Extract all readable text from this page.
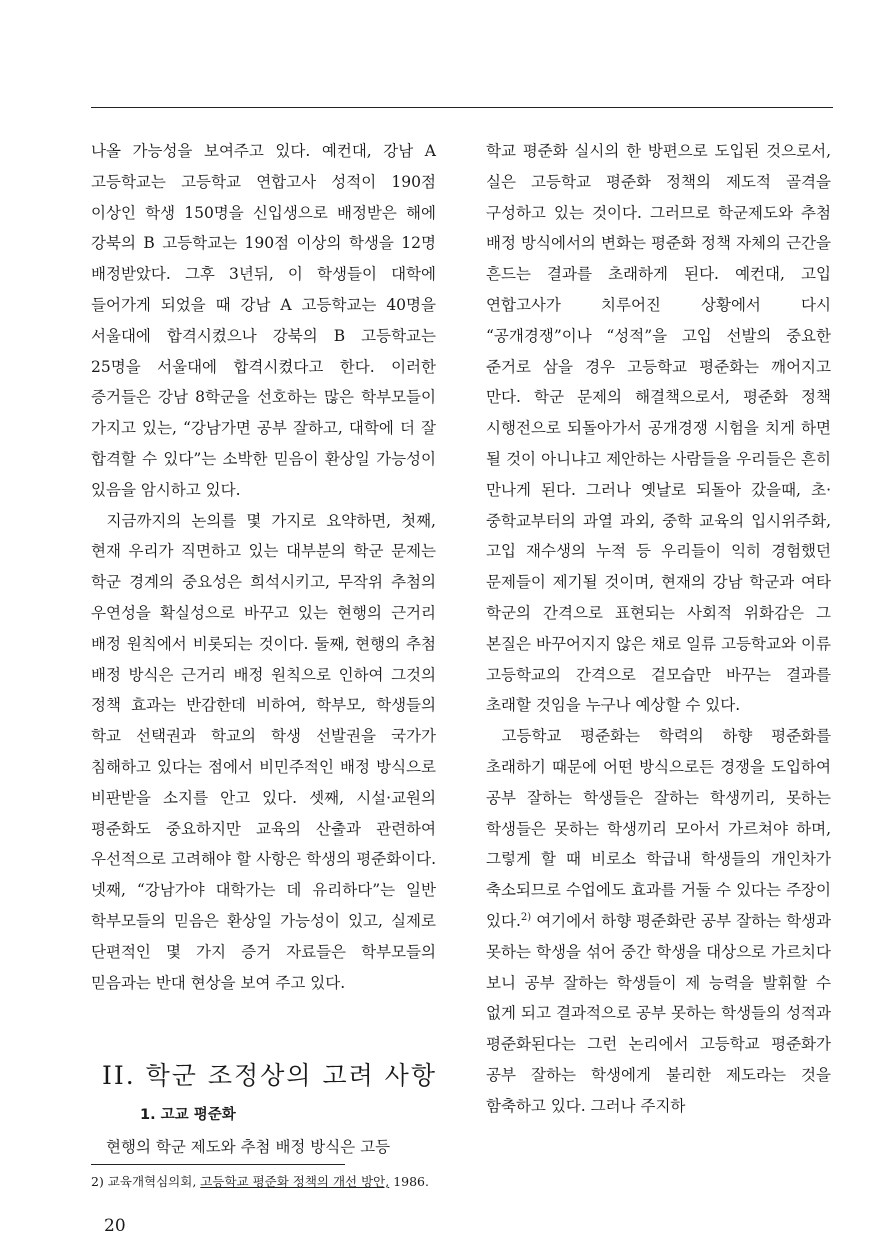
나올 가능성을 보여주고 있다. 예컨대, 강남 A 고등학교는 고등학교 연합고사 성적이 190점 이상인 학생 150명을 신입생으로 배정받은 해에 강북의 B 고등학교는 190점 이상의 학생을 12명 배정받았다. 그후 3년뒤, 이 학생들이 대학에 들어가게 되었을 때 강남 A 고등학교는 40명을 서울대에 합격시켰으나 강북의 B 고등학교는 25명을 서울대에 합격시켰다고 한다. 이러한 증거들은 강남 8학군을 선호하는 많은 학부모들이 가지고 있는, “강남가면 공부 잘하고, 대학에 더 잘 합격할 수 있다”는 소박한 믿음이 환상일 가능성이 있음을 암시하고 있다.

지금까지의 논의를 몇 가지로 요약하면, 첫째, 현재 우리가 직면하고 있는 대부분의 학군 문제는 학군 경계의 중요성은 희석시키고, 무작위 추첨의 우연성을 확실성으로 바꾸고 있는 현행의 근거리 배정 원칙에서 비롯되는 것이다. 둘째, 현행의 추첨 배정 방식은 근거리 배정 원칙으로 인하여 그것의 정책 효과는 반감한데 비하여, 학부모, 학생들의 학교 선택권과 학교의 학생 선발권을 국가가 침해하고 있다는 점에서 비민주적인 배정 방식으로 비판받을 소지를 안고 있다. 셋째, 시설·교원의 평준화도 중요하지만 교육의 산출과 관련하여 우선적으로 고려해야 할 사항은 학생의 평준화이다. 넷째, “강남가야 대학가는 데 유리하다”는 일반 학부모들의 믿음은 환상일 가능성이 있고, 실제로 단편적인 몇 가지 증거 자료들은 학부모들의 믿음과는 반대 현상을 보여 주고 있다.

II. 학군 조정상의 고려 사항
1. 고교 평준화
현행의 학군 제도와 추첨 배정 방식은 고등

학교 평준화 실시의 한 방편으로 도입된 것으로서, 실은 고등학교 평준화 정책의 제도적 골격을 구성하고 있는 것이다. 그러므로 학군제도와 추첨 배정 방식에서의 변화는 평준화 정책 자체의 근간을 흔드는 결과를 초래하게 된다. 예컨대, 고입 연합고사가 치루어진 상황에서 다시 “공개경쟁”이나 “성적”을 고입 선발의 중요한 준거로 삼을 경우 고등학교 평준화는 깨어지고 만다. 학군 문제의 해결책으로서, 평준화 정책 시행전으로 되돌아가서 공개경쟁 시험을 치게 하면 될 것이 아니냐고 제안하는 사람들을 우리들은 흔히 만나게 된다. 그러나 옛날로 되돌아 갔을때, 초·중학교부터의 과열 과외, 중학 교육의 입시위주화, 고입 재수생의 누적 등 우리들이 익히 경험했던 문제들이 제기될 것이며, 현재의 강남 학군과 여타 학군의 간격으로 표현되는 사회적 위화감은 그 본질은 바꾸어지지 않은 채로 일류 고등학교와 이류 고등학교의 간격으로 겉모습만 바꾸는 결과를 초래할 것임을 누구나 예상할 수 있다.

고등학교 평준화는 학력의 하향 평준화를 초래하기 때문에 어떤 방식으로든 경쟁을 도입하여 공부 잘하는 학생들은 잘하는 학생끼리, 못하는 학생들은 못하는 학생끼리 모아서 가르쳐야 하며, 그렇게 할 때 비로소 학급내 학생들의 개인차가 축소되므로 수업에도 효과를 거둘 수 있다는 주장이 있다.$^{2)}$ 여기에서 하향 평준화란 공부 잘하는 학생과 못하는 학생을 섞어 중간 학생을 대상으로 가르치다 보니 공부 잘하는 학생들이 제 능력을 발휘할 수 없게 되고 결과적으로 공부 못하는 학생들의 성적과 평준화된다는 그런 논리에서 고등학교 평준화가 공부 잘하는 학생에게 불리한 제도라는 것을 함축하고 있다. 그러나 주지하

2) 교육개혁심의회, 고등학교 평준화 정책의 개선 방안, 1986.
20
